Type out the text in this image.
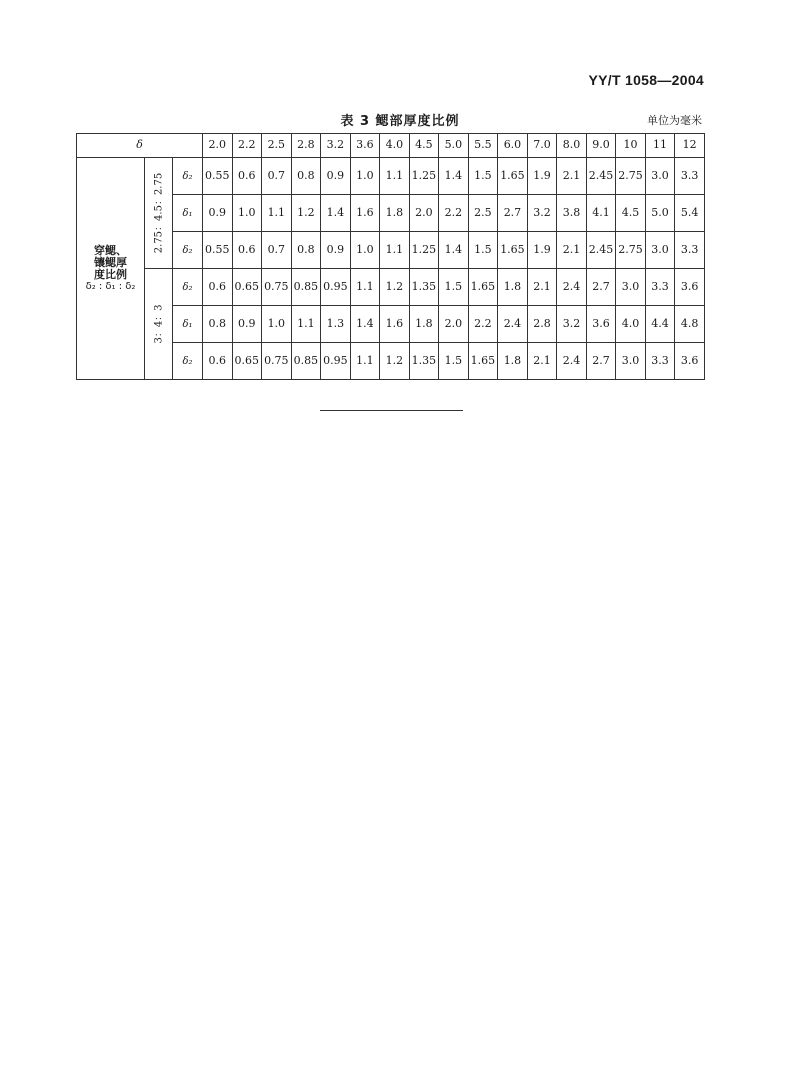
YY/T 1058—2004
表 3 鳃部厚度比例	单位为毫米
δ			2.0	2.2	2.5	2.8	3.2	3.6	4.0	4.5	5.0	5.5	6.0	7.0	8.0	9.0	10	11	12

穿鳃、
镶鳃厚
度比例
δ₂ : δ₁ : δ₂	2.75：4.5：2.75	δ₂	0.55	0.6	0.7	0.8	0.9	1.0	1.1	1.25	1.4	1.5	1.65	1.9	2.1	2.45	2.75	3.0	3.3
		δ₁	0.9	1.0	1.1	1.2	1.4	1.6	1.8	2.0	2.2	2.5	2.7	3.2	3.8	4.1	4.5	5.0	5.4
		δ₂	0.55	0.6	0.7	0.8	0.9	1.0	1.1	1.25	1.4	1.5	1.65	1.9	2.1	2.45	2.75	3.0	3.3

	3：4：3	δ₂	0.6	0.65	0.75	0.85	0.95	1.1	1.2	1.35	1.5	1.65	1.8	2.1	2.4	2.7	3.0	3.3	3.6
		δ₁	0.8	0.9	1.0	1.1	1.3	1.4	1.6	1.8	2.0	2.2	2.4	2.8	3.2	3.6	4.0	4.4	4.8
		δ₂	0.6	0.65	0.75	0.85	0.95	1.1	1.2	1.35	1.5	1.65	1.8	2.1	2.4	2.7	3.0	3.3	3.6
